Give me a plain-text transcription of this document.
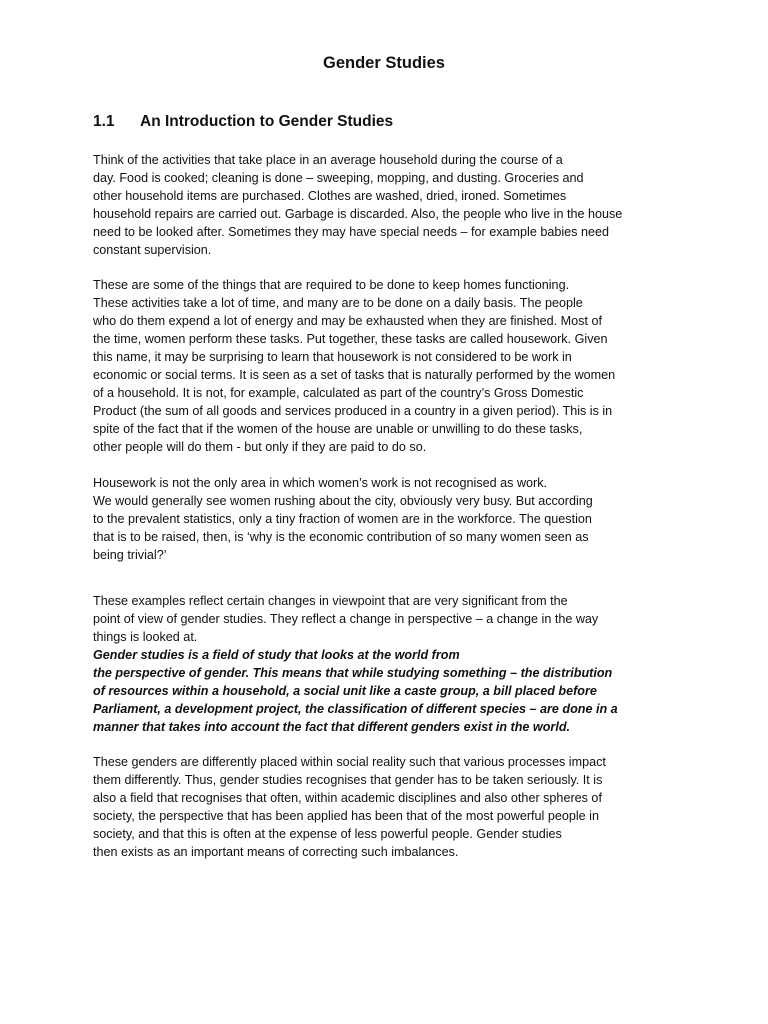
Gender Studies
1.1 An Introduction to Gender Studies

Think of the activities that take place in an average household during the course of a
day. Food is cooked; cleaning is done – sweeping, mopping, and dusting. Groceries and
other household items are purchased. Clothes are washed, dried, ironed. Sometimes
household repairs are carried out. Garbage is discarded. Also, the people who live in the house
need to be looked after. Sometimes they may have special needs – for example babies need
constant supervision.

These are some of the things that are required to be done to keep homes functioning.
These activities take a lot of time, and many are to be done on a daily basis. The people
who do them expend a lot of energy and may be exhausted when they are finished. Most of
the time, women perform these tasks. Put together, these tasks are called housework. Given
this name, it may be surprising to learn that housework is not considered to be work in
economic or social terms. It is seen as a set of tasks that is naturally performed by the women
of a household. It is not, for example, calculated as part of the country’s Gross Domestic
Product (the sum of all goods and services produced in a country in a given period). This is in
spite of the fact that if the women of the house are unable or unwilling to do these tasks,
other people will do them - but only if they are paid to do so.

Housework is not the only area in which women’s work is not recognised as work.
We would generally see women rushing about the city, obviously very busy. But according
to the prevalent statistics, only a tiny fraction of women are in the workforce. The question
that is to be raised, then, is ‘why is the economic contribution of so many women seen as
being trivial?’

These examples reflect certain changes in viewpoint that are very significant from the
point of view of gender studies. They reflect a change in perspective – a change in the way
things is looked at.

Gender studies is a field of study that looks at the world from
the perspective of gender. This means that while studying something – the distribution
of resources within a household, a social unit like a caste group, a bill placed before
Parliament, a development project, the classification of different species – are done in a
manner that takes into account the fact that different genders exist in the world.

These genders are differently placed within social reality such that various processes impact
them differently. Thus, gender studies recognises that gender has to be taken seriously. It is
also a field that recognises that often, within academic disciplines and also other spheres of
society, the perspective that has been applied has been that of the most powerful people in
society, and that this is often at the expense of less powerful people. Gender studies
then exists as an important means of correcting such imbalances.
